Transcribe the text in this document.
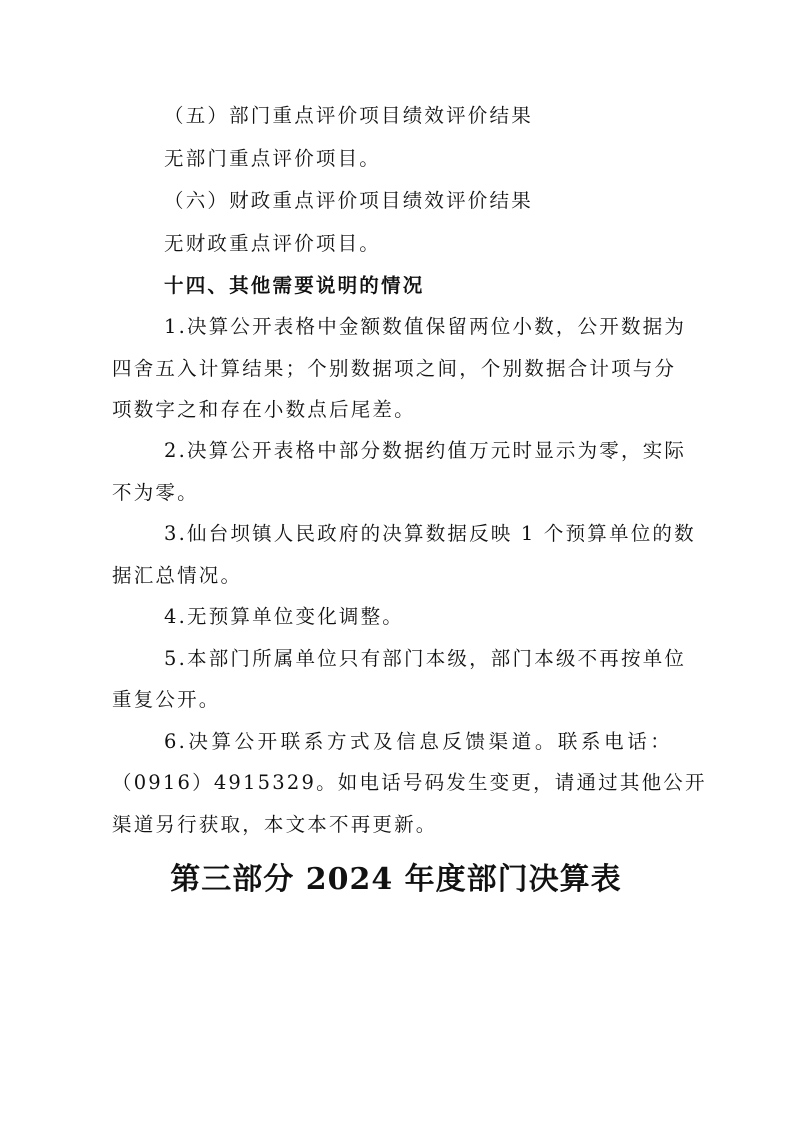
（五）部门重点评价项目绩效评价结果
无部门重点评价项目。
（六）财政重点评价项目绩效评价结果
无财政重点评价项目。
十四、其他需要说明的情况
1.决算公开表格中金额数值保留两位小数，公开数据为
四舍五入计算结果；个别数据项之间，个别数据合计项与分
项数字之和存在小数点后尾差。
2.决算公开表格中部分数据约值万元时显示为零，实际
不为零。
3.仙台坝镇人民政府的决算数据反映 1 个预算单位的数
据汇总情况。
4.无预算单位变化调整。
5.本部门所属单位只有部门本级，部门本级不再按单位
重复公开。
6.决算公开联系方式及信息反馈渠道。联系电话：
（0916）4915329。如电话号码发生变更，请通过其他公开
渠道另行获取，本文本不再更新。
第三部分 2024 年度部门决算表
